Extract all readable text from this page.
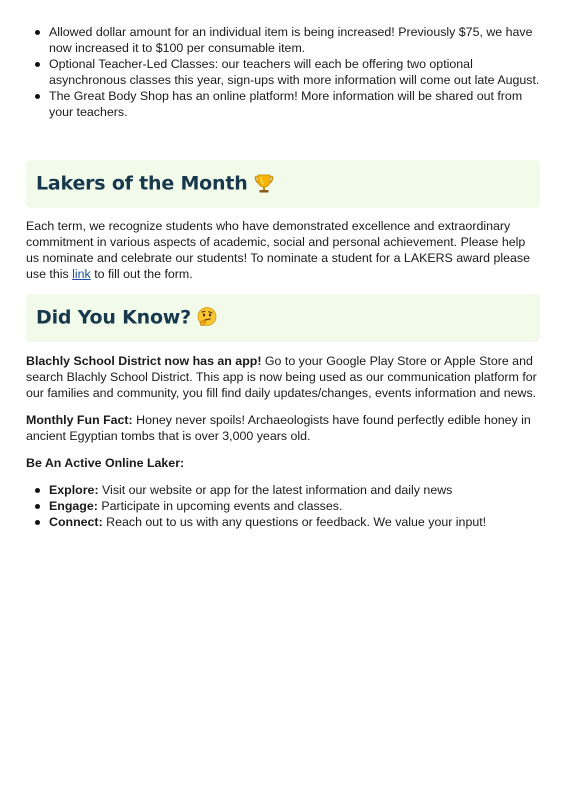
Allowed dollar amount for an individual item is being increased! Previously $75, we have now increased it to $100 per consumable item.
Optional Teacher-Led Classes: our teachers will each be offering two optional asynchronous classes this year, sign-ups with more information will come out late August.
The Great Body Shop has an online platform! More information will be shared out from your teachers.
Lakers of the Month

Each term, we recognize students who have demonstrated excellence and extraordinary commitment in various aspects of academic, social and personal achievement. Please help us nominate and celebrate our students! To nominate a student for a LAKERS award please use this link to fill out the form.

Did You Know?

Blachly School District now has an app! Go to your Google Play Store or Apple Store and search Blachly School District. This app is now being used as our communication platform for our families and community, you fill find daily updates/changes, events information and news.

Monthly Fun Fact: Honey never spoils! Archaeologists have found perfectly edible honey in ancient Egyptian tombs that is over 3,000 years old.

Be An Active Online Laker:

Explore: Visit our website or app for the latest information and daily news
Engage: Participate in upcoming events and classes.
Connect: Reach out to us with any questions or feedback. We value your input!
